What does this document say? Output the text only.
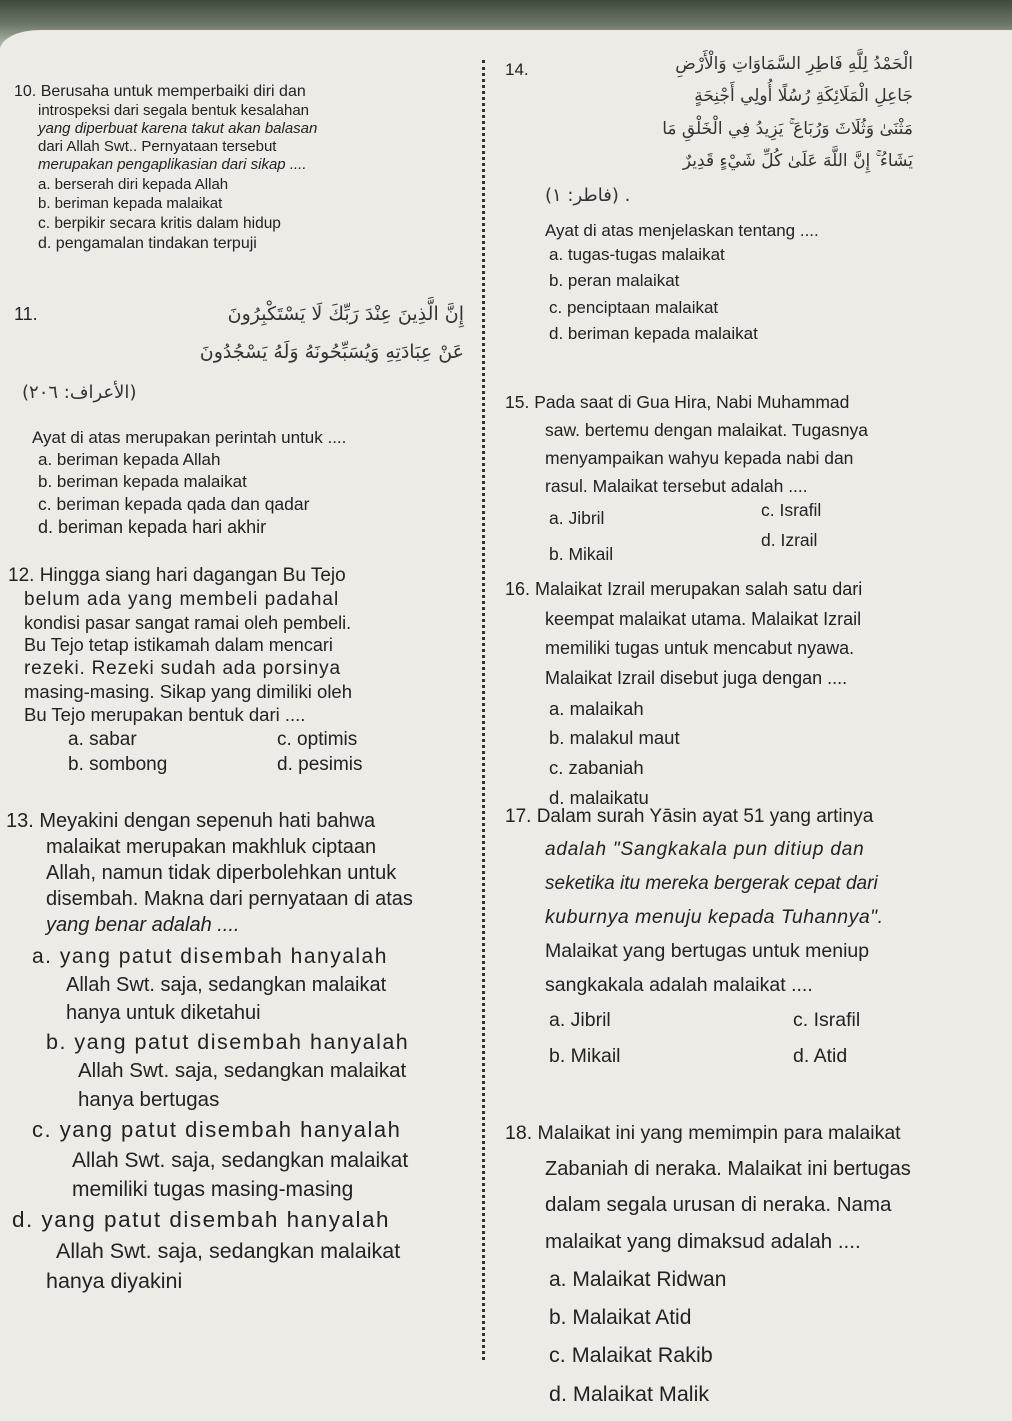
10. Berusaha untuk memperbaiki diri dan

introspeksi dari segala bentuk kesalahan

yang diperbuat karena takut akan balasan

dari Allah Swt.. Pernyataan tersebut

merupakan pengaplikasian dari sikap ....

a. berserah diri kepada Allah

b. beriman kepada malaikat

c. berpikir secara kritis dalam hidup

d. pengamalan tindakan terpuji

11.	إِنَّ الَّذِينَ عِنْدَ رَبِّكَ لَا يَسْتَكْبِرُونَ
عَنْ عِبَادَتِهِ وَيُسَبِّحُونَهُ وَلَهُ يَسْجُدُونَ
(الأعراف: ٢٠٦)

Ayat di atas merupakan perintah untuk ....

a. beriman kepada Allah

b. beriman kepada malaikat

c. beriman kepada qada dan qadar

d. beriman kepada hari akhir

12. Hingga siang hari dagangan Bu Tejo

belum ada yang membeli padahal

kondisi pasar sangat ramai oleh pembeli.

Bu Tejo tetap istikamah dalam mencari

rezeki. Rezeki sudah ada porsinya

masing-masing. Sikap yang dimiliki oleh

Bu Tejo merupakan bentuk dari ....

a. sabar	c. optimis
b. sombong	d. pesimis

13. Meyakini dengan sepenuh hati bahwa

malaikat merupakan makhluk ciptaan

Allah, namun tidak diperbolehkan untuk

disembah. Makna dari pernyataan di atas

yang benar adalah ....

a. yang patut disembah hanyalah

Allah Swt. saja, sedangkan malaikat

hanya untuk diketahui

b. yang patut disembah hanyalah

Allah Swt. saja, sedangkan malaikat

hanya bertugas

c. yang patut disembah hanyalah

Allah Swt. saja, sedangkan malaikat

memiliki tugas masing-masing

d. yang patut disembah hanyalah

Allah Swt. saja, sedangkan malaikat

hanya diyakini

14.	الْحَمْدُ لِلَّهِ فَاطِرِ السَّمَاوَاتِ وَالْأَرْضِ
جَاعِلِ الْمَلَائِكَةِ رُسُلًا أُولِي أَجْنِحَةٍ
مَثْنَىٰ وَثُلَاثَ وَرُبَاعَ ۚ يَزِيدُ فِي الْخَلْقِ مَا
يَشَاءُ ۚ إِنَّ اللَّهَ عَلَىٰ كُلِّ شَيْءٍ قَدِيرٌ
(فاطر: ١) .

Ayat di atas menjelaskan tentang ....

a. tugas-tugas malaikat

b. peran malaikat

c. penciptaan malaikat

d. beriman kepada malaikat

15. Pada saat di Gua Hira, Nabi Muhammad

saw. bertemu dengan malaikat. Tugasnya

menyampaikan wahyu kepada nabi dan

rasul. Malaikat tersebut adalah ....

c. Israfil
a. Jibril
d. Izrail
b. Mikail

16. Malaikat Izrail merupakan salah satu dari

keempat malaikat utama. Malaikat Izrail

memiliki tugas untuk mencabut nyawa.

Malaikat Izrail disebut juga dengan ....

a. malaikah

b. malakul maut

c. zabaniah

d. malaikatu

17. Dalam surah Yāsin ayat 51 yang artinya

adalah "Sangkakala pun ditiup dan

seketika itu mereka bergerak cepat dari

kuburnya menuju kepada Tuhannya".

Malaikat yang bertugas untuk meniup

sangkakala adalah malaikat ....

a. Jibril	c. Israfil
b. Mikail	d. Atid

18. Malaikat ini yang memimpin para malaikat

Zabaniah di neraka. Malaikat ini bertugas

dalam segala urusan di neraka. Nama

malaikat yang dimaksud adalah ....

a. Malaikat Ridwan

b. Malaikat Atid

c. Malaikat Rakib

d. Malaikat Malik
